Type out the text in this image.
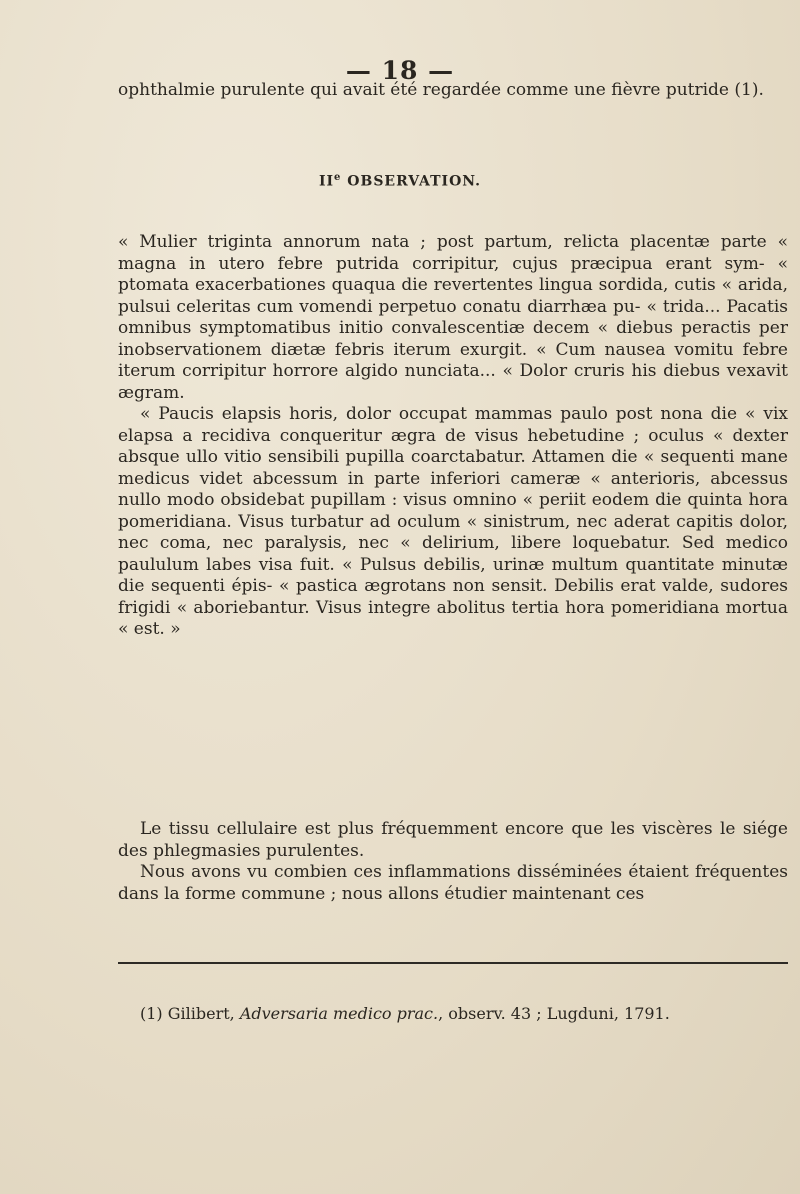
— 18 —
ophthalmie purulente qui avait été regardée comme une fièvre putride (1).
IIe OBSERVATION.

« Mulier triginta annorum nata ; post partum, relicta placentæ parte « magna in utero febre putrida corripitur, cujus præcipua erant sym- « ptomata exacerbationes quaqua die revertentes lingua sordida, cutis « arida, pulsui celeritas cum vomendi perpetuo conatu diarrhæa pu- « trida... Pacatis omnibus symptomatibus initio convalescentiæ decem « diebus peractis per inobservationem diætæ febris iterum exurgit. « Cum nausea vomitu febre iterum corripitur horrore algido nunciata... « Dolor cruris his diebus vexavit ægram.

« Paucis elapsis horis, dolor occupat mammas paulo post nona die « vix elapsa a recidiva conqueritur ægra de visus hebetudine ; oculus « dexter absque ullo vitio sensibili pupilla coarctabatur. Attamen die « sequenti mane medicus videt abcessum in parte inferiori cameræ « anterioris, abcessus nullo modo obsidebat pupillam : visus omnino « periit eodem die quinta hora pomeridiana. Visus turbatur ad oculum « sinistrum, nec aderat capitis dolor, nec coma, nec paralysis, nec « delirium, libere loquebatur. Sed medico paululum labes visa fuit. « Pulsus debilis, urinæ multum quantitate minutæ die sequenti épis- « pastica ægrotans non sensit. Debilis erat valde, sudores frigidi « aboriebantur. Visus integre abolitus tertia hora pomeridiana mortua « est. »

Le tissu cellulaire est plus fréquemment encore que les viscères le siége des phlegmasies purulentes.

Nous avons vu combien ces inflammations disséminées étaient fréquentes dans la forme commune ; nous allons étudier maintenant ces

(1) Gilibert, Adversaria medico prac., observ. 43 ; Lugduni, 1791.
